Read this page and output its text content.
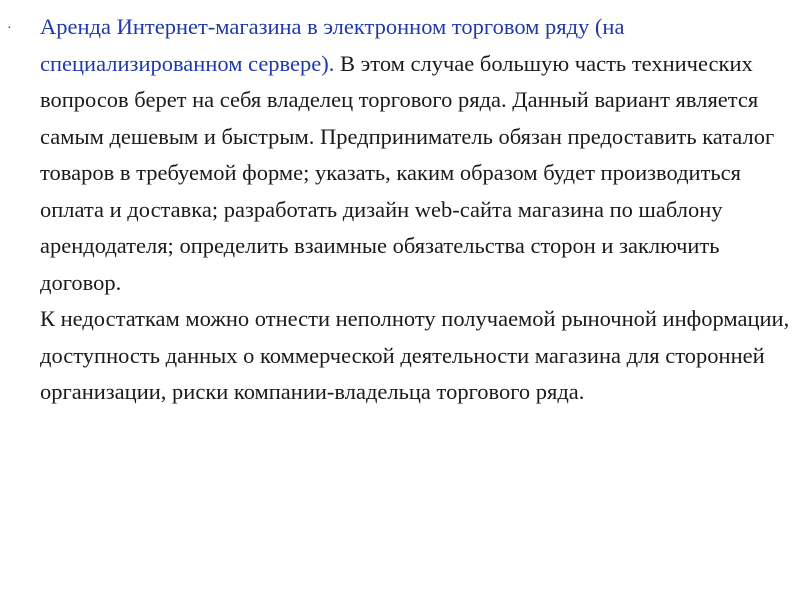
· Аренда Интернет-магазина в электронном торговом ряду (на специализированном сервере). В этом случае большую часть технических вопросов берет на себя владелец торгового ряда. Данный вариант является самым дешевым и быстрым. Предприниматель обязан предоставить каталог товаров в требуемой форме; указать, каким образом будет производиться оплата и доставка; разработать дизайн web-сайта магазина по шаблону арендодателя; определить взаимные обязательства сторон и заключить договор.
К недостаткам можно отнести неполноту получаемой рыночной информации, доступность данных о коммерческой деятельности магазина для сторонней организации, риски компании-владельца торгового ряда.
